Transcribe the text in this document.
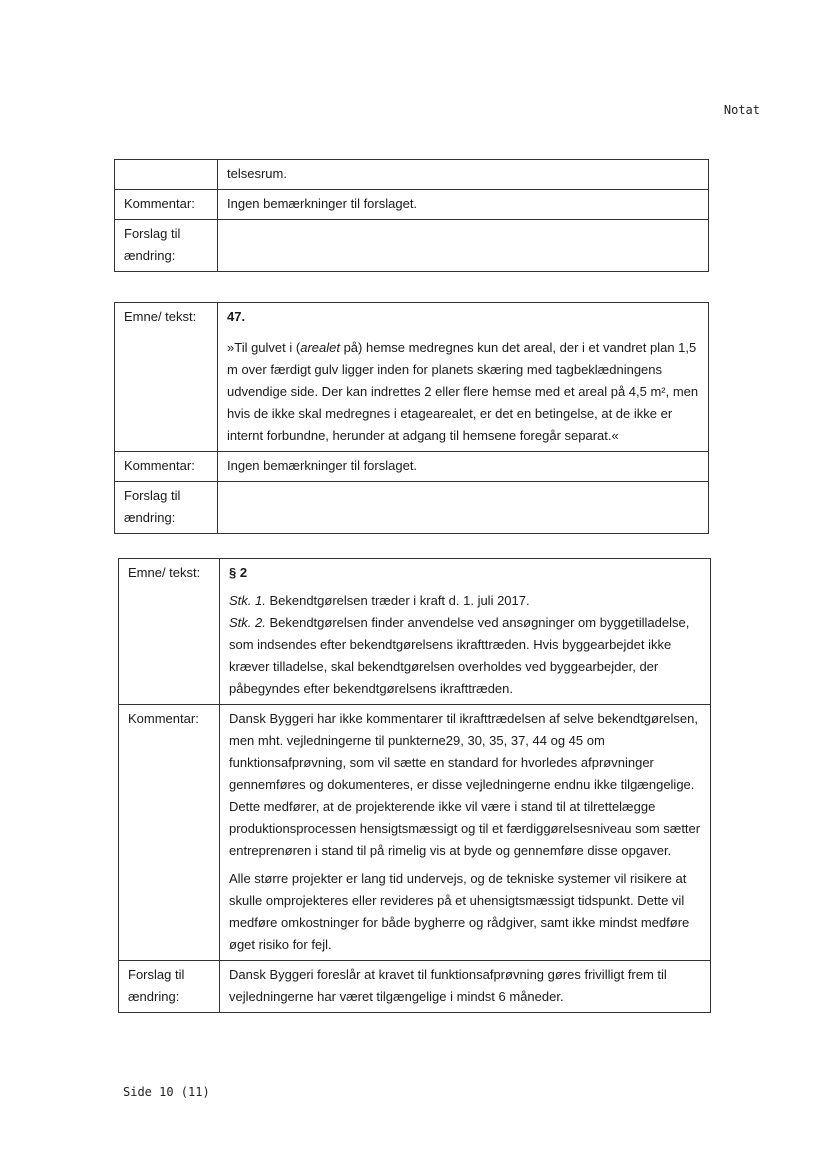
Notat
	telsesrum.
Kommentar:	Ingen bemærkninger til forslaget.
Forslag til ændring:	
Emne/ tekst:	47.

»Til gulvet i (arealet på) hemse medregnes kun det areal, der i et vandret plan 1,5 m over færdigt gulv ligger inden for planets skæring med tagbeklædningens udvendige side. Der kan indrettes 2 eller flere hemse med et areal på 4,5 m², men hvis de ikke skal medregnes i etagearealet, er det en betingelse, at de ikke er internt forbundne, herunder at adgang til hemsene foregår separat.«

Kommentar:	Ingen bemærkninger til forslaget.
Forslag til ændring:	
Emne/ tekst:	§ 2

Stk. 1. Bekendtgørelsen træder i kraft d. 1. juli 2017.

Stk. 2. Bekendtgørelsen finder anvendelse ved ansøgninger om byggetilladelse, som indsendes efter bekendtgørelsens ikrafttræden. Hvis byggearbejdet ikke kræver tilladelse, skal bekendtgørelsen overholdes ved byggearbejder, der påbegyndes efter bekendtgørelsens ikrafttræden.

Kommentar:	Dansk Byggeri har ikke kommentarer til ikrafttrædelsen af selve bekendtgørelsen, men mht. vejledningerne til punkterne29, 30, 35, 37, 44 og 45 om funktionsafprøvning, som vil sætte en standard for hvorledes afprøvninger gennemføres og dokumenteres, er disse vejledningerne endnu ikke tilgængelige. Dette medfører, at de projekterende ikke vil være i stand til at tilrettelægge produktionsprocessen hensigtsmæssigt og til et færdiggørelsesniveau som sætter entreprenøren i stand til på rimelig vis at byde og gennemføre disse opgaver.

Alle større projekter er lang tid undervejs, og de tekniske systemer vil risikere at skulle omprojekteres eller revideres på et uhensigtsmæssigt tidspunkt. Dette vil medføre omkostninger for både bygherre og rådgiver, samt ikke mindst medføre øget risiko for fejl.

Forslag til ændring:	Dansk Byggeri foreslår at kravet til funktionsafprøvning gøres frivilligt frem til vejledningerne har været tilgængelige i mindst 6 måneder.
Side 10 (11)
